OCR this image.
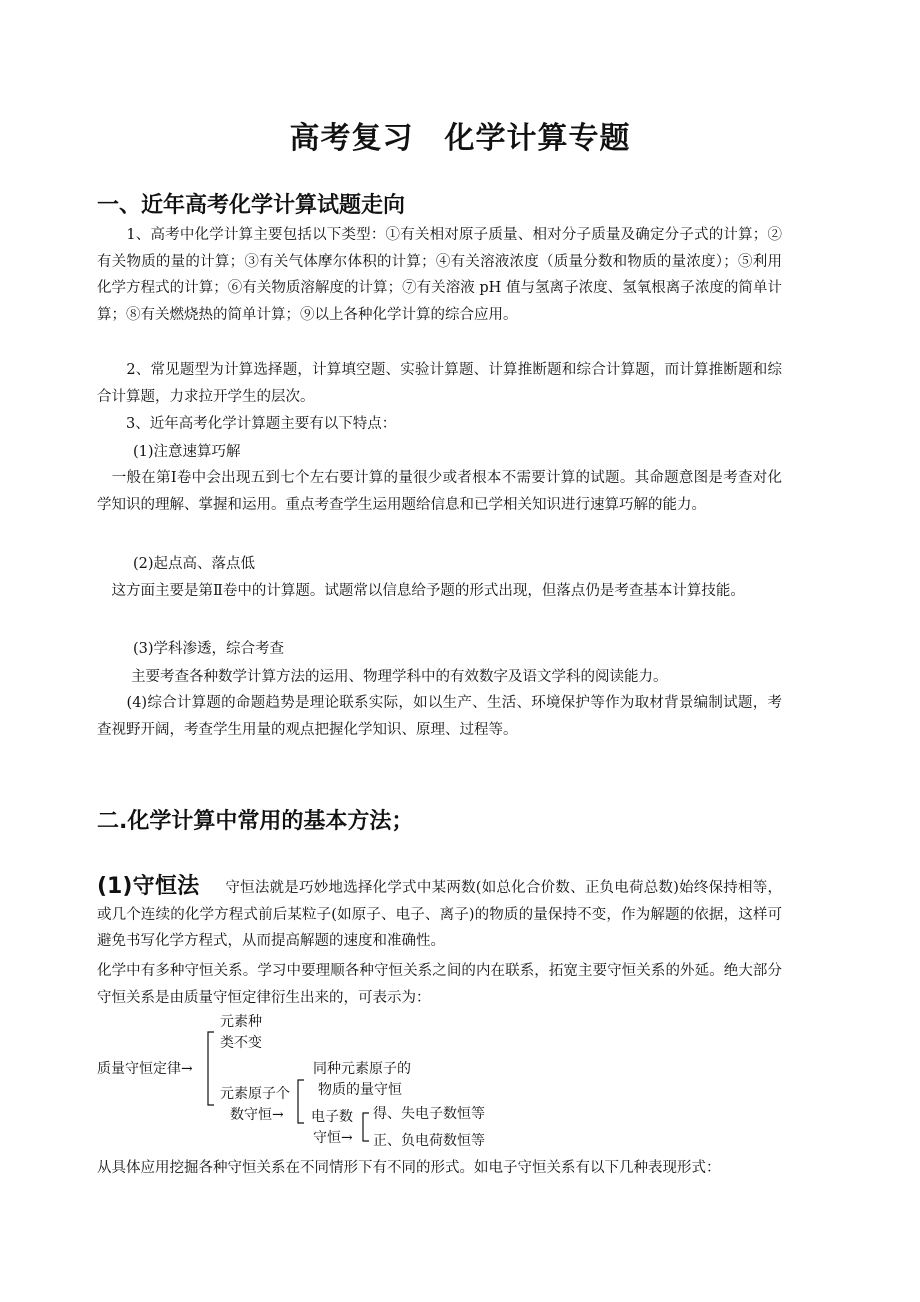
高考复习　化学计算专题
一、近年高考化学计算试题走向

　　1、高考中化学计算主要包括以下类型：①有关相对原子质量、相对分子质量及确定分子式的计算；②有关物质的量的计算；③有关气体摩尔体积的计算；④有关溶液浓度（质量分数和物质的量浓度）；⑤利用化学方程式的计算；⑥有关物质溶解度的计算；⑦有关溶液 pH 值与氢离子浓度、氢氧根离子浓度的简单计算；⑧有关燃烧热的简单计算；⑨以上各种化学计算的综合应用。

　　2、常见题型为计算选择题，计算填空题、实验计算题、计算推断题和综合计算题，而计算推断题和综合计算题，力求拉开学生的层次。

　　3、近年高考化学计算题主要有以下特点：

(1)注意速算巧解

　一般在第Ⅰ卷中会出现五到七个左右要计算的量很少或者根本不需要计算的试题。其命题意图是考查对化学知识的理解、掌握和运用。重点考查学生运用题给信息和已学相关知识进行速算巧解的能力。

(2)起点高、落点低

　这方面主要是第Ⅱ卷中的计算题。试题常以信息给予题的形式出现，但落点仍是考查基本计算技能。

(3)学科渗透，综合考查
主要考查各种数学计算方法的运用、物理学科中的有效数字及语文学科的阅读能力。

　　(4)综合计算题的命题趋势是理论联系实际，如以生产、生活、环境保护等作为取材背景编制试题，考查视野开阔，考查学生用量的观点把握化学知识、原理、过程等。

二.化学计算中常用的基本方法；

(1)守恒法 守恒法就是巧妙地选择化学式中某两数(如总化合价数、正负电荷总数)始终保持相等，或几个连续的化学方程式前后某粒子(如原子、电子、离子)的物质的量保持不变，作为解题的依据，这样可避免书写化学方程式，从而提高解题的速度和准确性。

化学中有多种守恒关系。学习中要理顺各种守恒关系之间的内在联系，拓宽主要守恒关系的外延。绝大部分守恒关系是由质量守恒定律衍生出来的，可表示为：

质量守恒定律→
元素种
类不变
元素原子个
数守恒→
同种元素原子的
物质的量守恒
电子数
守恒→
得、失电子数恒等
正、负电荷数恒等

从具体应用挖掘各种守恒关系在不同情形下有不同的形式。如电子守恒关系有以下几种表现形式：
